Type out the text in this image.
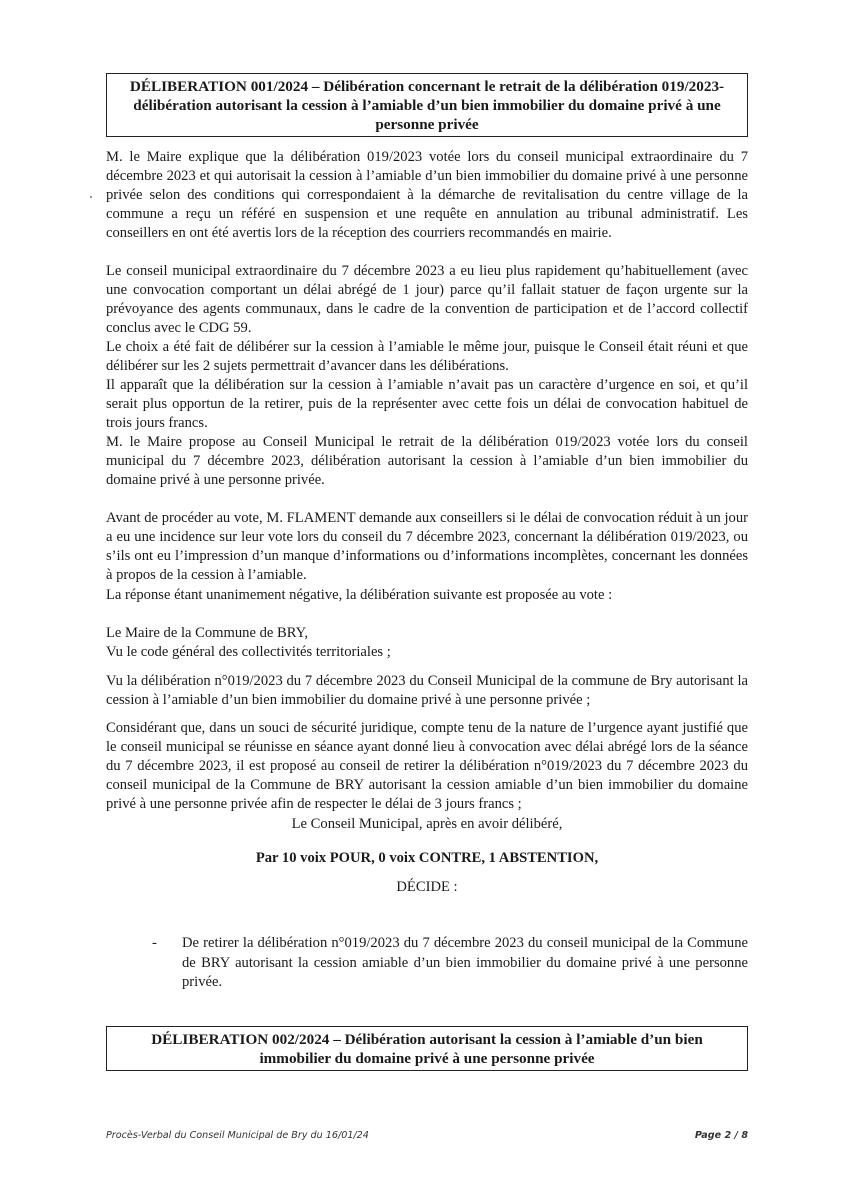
DÉLIBERATION 001/2024 – Délibération concernant le retrait de la délibération 019/2023- délibération autorisant la cession à l’amiable d’un bien immobilier du domaine privé à une personne privée

M. le Maire explique que la délibération 019/2023 votée lors du conseil municipal extraordinaire du 7 décembre 2023 et qui autorisait la cession à l’amiable d’un bien immobilier du domaine privé à une personne privée selon des conditions qui correspondaient à la démarche de revitalisation du centre village de la commune a reçu un référé en suspension et une requête en annulation au tribunal administratif. Les conseillers en ont été avertis lors de la réception des courriers recommandés en mairie.

Le conseil municipal extraordinaire du 7 décembre 2023 a eu lieu plus rapidement qu’habituellement (avec une convocation comportant un délai abrégé de 1 jour) parce qu’il fallait statuer de façon urgente sur la prévoyance des agents communaux, dans le cadre de la convention de participation et de l’accord collectif conclus avec le CDG 59.

Le choix a été fait de délibérer sur la cession à l’amiable le même jour, puisque le Conseil était réuni et que délibérer sur les 2 sujets permettrait d’avancer dans les délibérations.

Il apparaît que la délibération sur la cession à l’amiable n’avait pas un caractère d’urgence en soi, et qu’il serait plus opportun de la retirer, puis de la représenter avec cette fois un délai de convocation habituel de trois jours francs.

M. le Maire propose au Conseil Municipal le retrait de la délibération 019/2023 votée lors du conseil municipal du 7 décembre 2023, délibération autorisant la cession à l’amiable d’un bien immobilier du domaine privé à une personne privée.

Avant de procéder au vote, M. FLAMENT demande aux conseillers si le délai de convocation réduit à un jour a eu une incidence sur leur vote lors du conseil du 7 décembre 2023, concernant la délibération 019/2023, ou s’ils ont eu l’impression d’un manque d’informations ou d’informations incomplètes, concernant les données à propos de la cession à l’amiable.

La réponse étant unanimement négative, la délibération suivante est proposée au vote :

Le Maire de la Commune de BRY,

Vu le code général des collectivités territoriales ;

Vu la délibération n°019/2023 du 7 décembre 2023 du Conseil Municipal de la commune de Bry autorisant la cession à l’amiable d’un bien immobilier du domaine privé à une personne privée ;

Considérant que, dans un souci de sécurité juridique, compte tenu de la nature de l’urgence ayant justifié que le conseil municipal se réunisse en séance ayant donné lieu à convocation avec délai abrégé lors de la séance du 7 décembre 2023, il est proposé au conseil de retirer la délibération n°019/2023 du 7 décembre 2023 du conseil municipal de la Commune de BRY autorisant la cession amiable d’un bien immobilier du domaine privé à une personne privée afin de respecter le délai de 3 jours francs ;

Le Conseil Municipal, après en avoir délibéré,

Par 10 voix POUR, 0 voix CONTRE, 1 ABSTENTION,

DÉCIDE :

- De retirer la délibération n°019/2023 du 7 décembre 2023 du conseil municipal de la Commune de BRY autorisant la cession amiable d’un bien immobilier du domaine privé à une personne privée.

DÉLIBERATION 002/2024 – Délibération autorisant la cession à l’amiable d’un bien immobilier du domaine privé à une personne privée
Procès-Verbal du Conseil Municipal de Bry du 16/01/24	Page 2 / 8
